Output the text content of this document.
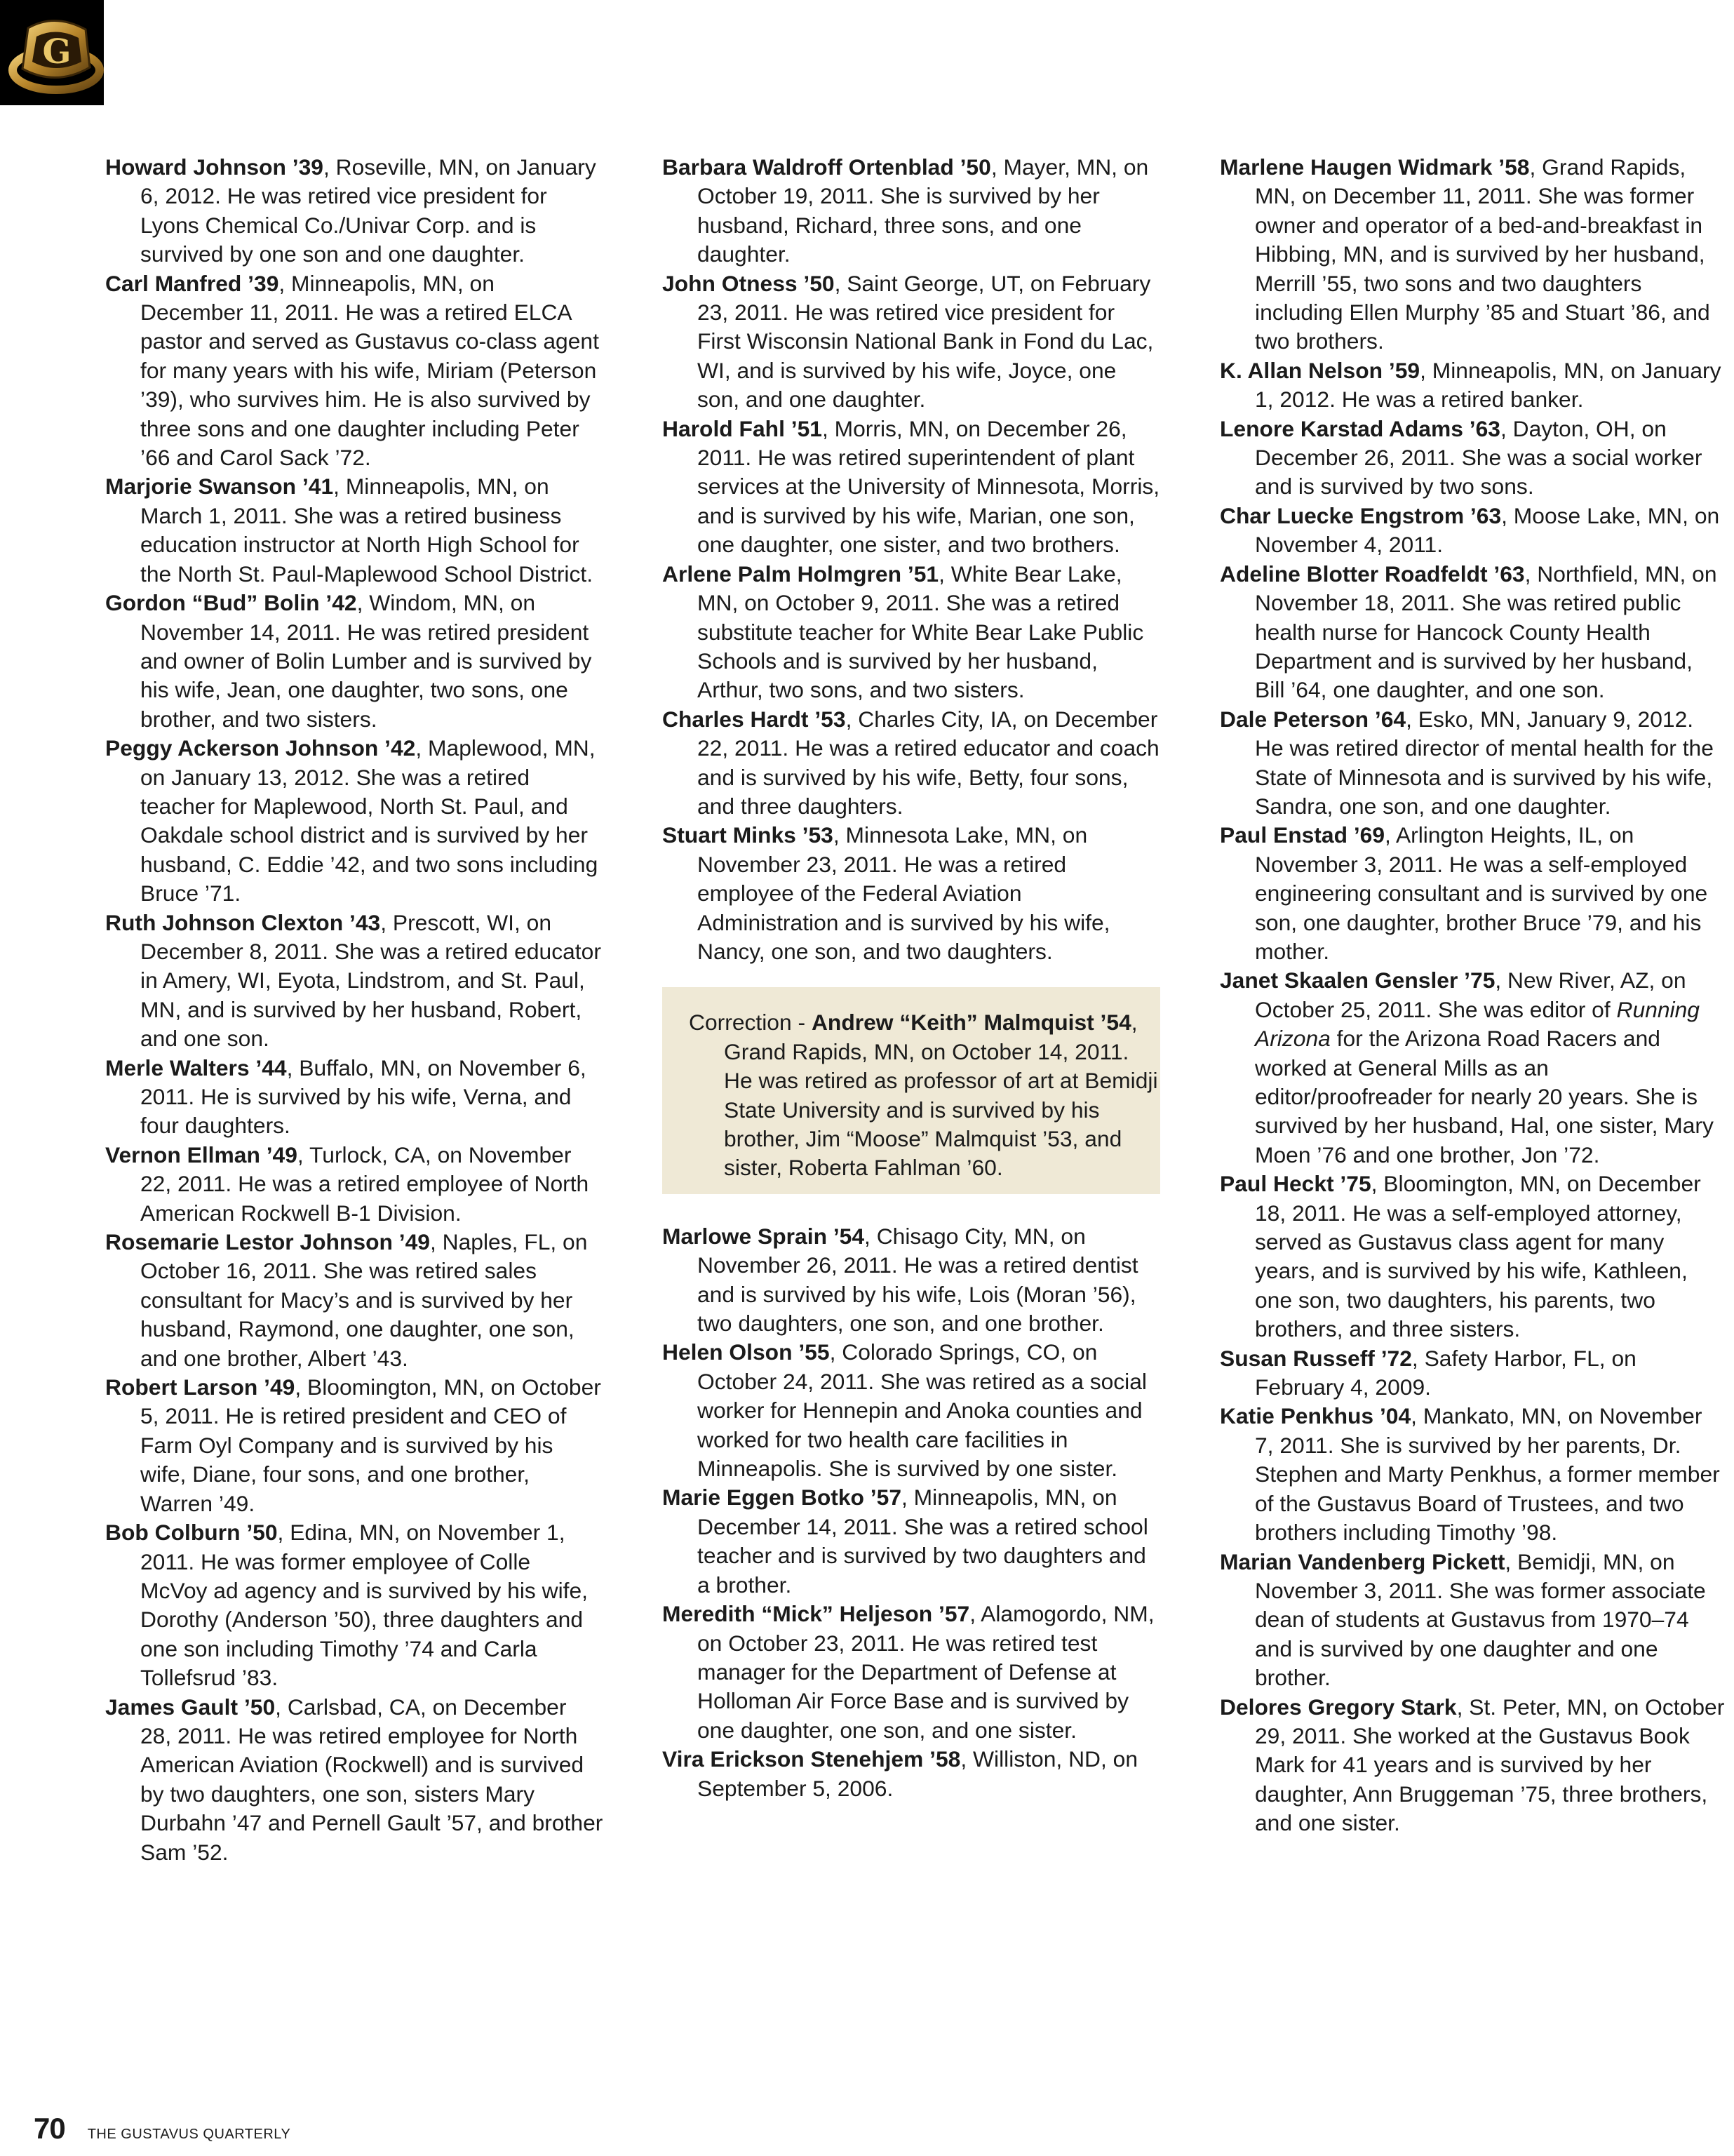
G

Howard Johnson ’39, Roseville, MN, on January 6, 2012. He was retired vice president for Lyons Chemical Co./Univar Corp. and is survived by one son and one daughter.

Carl Manfred ’39, Minneapolis, MN, on December 11, 2011. He was a retired ELCA pastor and served as Gustavus co-class agent for many years with his wife, Miriam (Peterson ’39), who survives him. He is also survived by three sons and one daughter including Peter ’66 and Carol Sack ’72.

Marjorie Swanson ’41, Minneapolis, MN, on March 1, 2011. She was a retired business education instructor at North High School for the North St. Paul-Maplewood School District.

Gordon “Bud” Bolin ’42, Windom, MN, on November 14, 2011. He was retired president and owner of Bolin Lumber and is survived by his wife, Jean, one daughter, two sons, one brother, and two sisters.

Peggy Ackerson Johnson ’42, Maplewood, MN, on January 13, 2012. She was a retired teacher for Maplewood, North St. Paul, and Oakdale school district and is survived by her husband, C. Eddie ’42, and two sons including Bruce ’71.

Ruth Johnson Clexton ’43, Prescott, WI, on December 8, 2011. She was a retired educator in Amery, WI, Eyota, Lindstrom, and St. Paul, MN, and is survived by her husband, Robert, and one son.

Merle Walters ’44, Buffalo, MN, on November 6, 2011. He is survived by his wife, Verna, and four daughters.

Vernon Ellman ’49, Turlock, CA, on November 22, 2011. He was a retired employee of North American Rockwell B-1 Division.

Rosemarie Lestor Johnson ’49, Naples, FL, on October 16, 2011. She was retired sales consultant for Macy’s and is survived by her husband, Raymond, one daughter, one son, and one brother, Albert ’43.

Robert Larson ’49, Bloomington, MN, on October 5, 2011. He is retired president and CEO of Farm Oyl Company and is survived by his wife, Diane, four sons, and one brother, Warren ’49.

Bob Colburn ’50, Edina, MN, on November 1, 2011. He was former employee of Colle McVoy ad agency and is survived by his wife, Dorothy (Anderson ’50), three daughters and one son including Timothy ’74 and Carla Tollefsrud ’83.

James Gault ’50, Carlsbad, CA, on December 28, 2011. He was retired employee for North American Aviation (Rockwell) and is survived by two daughters, one son, sisters Mary Durbahn ’47 and Pernell Gault ’57, and brother Sam ’52.

Barbara Waldroff Ortenblad ’50, Mayer, MN, on October 19, 2011. She is survived by her husband, Richard, three sons, and one daughter.

John Otness ’50, Saint George, UT, on February 23, 2011. He was retired vice president for First Wisconsin National Bank in Fond du Lac, WI, and is survived by his wife, Joyce, one son, and one daughter.

Harold Fahl ’51, Morris, MN, on December 26, 2011. He was retired superintendent of plant services at the University of Minnesota, Morris, and is survived by his wife, Marian, one son, one daughter, one sister, and two brothers.

Arlene Palm Holmgren ’51, White Bear Lake, MN, on October 9, 2011. She was a retired substitute teacher for White Bear Lake Public Schools and is survived by her husband, Arthur, two sons, and two sisters.

Charles Hardt ’53, Charles City, IA, on December 22, 2011. He was a retired educator and coach and is survived by his wife, Betty, four sons, and three daughters.

Stuart Minks ’53, Minnesota Lake, MN, on November 23, 2011. He was a retired employee of the Federal Aviation Administration and is survived by his wife, Nancy, one son, and two daughters.

Correction - Andrew “Keith” Malmquist ’54, Grand Rapids, MN, on October 14, 2011. He was retired as professor of art at Bemidji State University and is survived by his brother, Jim “Moose” Malmquist ’53, and sister, Roberta Fahlman ’60.

Marlowe Sprain ’54, Chisago City, MN, on November 26, 2011. He was a retired dentist and is survived by his wife, Lois (Moran ’56), two daughters, one son, and one brother.

Helen Olson ’55, Colorado Springs, CO, on October 24, 2011. She was retired as a social worker for Hennepin and Anoka counties and worked for two health care facilities in Minneapolis. She is survived by one sister.

Marie Eggen Botko ’57, Minneapolis, MN, on December 14, 2011. She was a retired school teacher and is survived by two daughters and a brother.

Meredith “Mick” Heljeson ’57, Alamogordo, NM, on October 23, 2011. He was retired test manager for the Department of Defense at Holloman Air Force Base and is survived by one daughter, one son, and one sister.

Vira Erickson Stenehjem ’58, Williston, ND, on September 5, 2006.

Marlene Haugen Widmark ’58, Grand Rapids, MN, on December 11, 2011. She was former owner and operator of a bed-and-breakfast in Hibbing, MN, and is survived by her husband, Merrill ’55, two sons and two daughters including Ellen Murphy ’85 and Stuart ’86, and two brothers.

K. Allan Nelson ’59, Minneapolis, MN, on January 1, 2012. He was a retired banker.

Lenore Karstad Adams ’63, Dayton, OH, on December 26, 2011. She was a social worker and is survived by two sons.

Char Luecke Engstrom ’63, Moose Lake, MN, on November 4, 2011.

Adeline Blotter Roadfeldt ’63, Northfield, MN, on November 18, 2011. She was retired public health nurse for Hancock County Health Department and is survived by her husband, Bill ’64, one daughter, and one son.

Dale Peterson ’64, Esko, MN, January 9, 2012. He was retired director of mental health for the State of Minnesota and is survived by his wife, Sandra, one son, and one daughter.

Paul Enstad ’69, Arlington Heights, IL, on November 3, 2011. He was a self-employed engineering consultant and is survived by one son, one daughter, brother Bruce ’79, and his mother.

Janet Skaalen Gensler ’75, New River, AZ, on October 25, 2011. She was editor of Running Arizona for the Arizona Road Racers and worked at General Mills as an editor/proofreader for nearly 20 years. She is survived by her husband, Hal, one sister, Mary Moen ’76 and one brother, Jon ’72.

Paul Heckt ’75, Bloomington, MN, on December 18, 2011. He was a self-employed attorney, served as Gustavus class agent for many years, and is survived by his wife, Kathleen, one son, two daughters, his parents, two brothers, and three sisters.

Susan Russeff ’72, Safety Harbor, FL, on February 4, 2009.

Katie Penkhus ’04, Mankato, MN, on November 7, 2011. She is survived by her parents, Dr. Stephen and Marty Penkhus, a former member of the Gustavus Board of Trustees, and two brothers including Timothy ’98.

Marian Vandenberg Pickett, Bemidji, MN, on November 3, 2011. She was former associate dean of students at Gustavus from 1970–74 and is survived by one daughter and one brother.

Delores Gregory Stark, St. Peter, MN, on October 29, 2011. She worked at the Gustavus Book Mark for 41 years and is survived by her daughter, Ann Bruggeman ’75, three brothers, and one sister.

70 THE GUSTAVUS QUARTERLY
